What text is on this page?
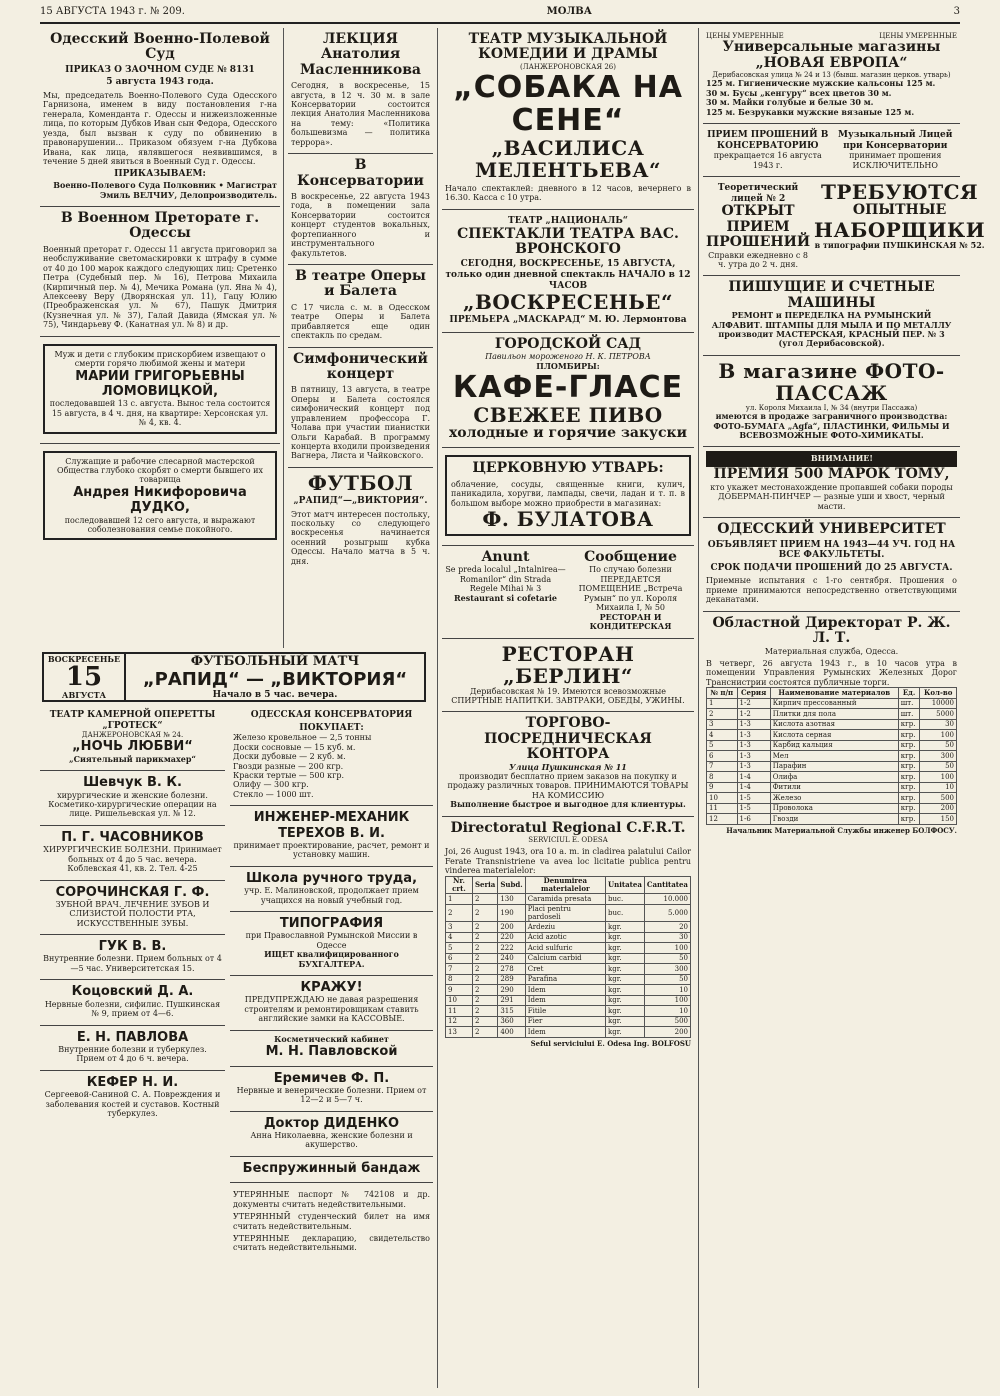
15 АВГУСТА 1943 г. № 209.	МОЛВА	3
Одесский Военно-Полевой Суд
ПРИКАЗ О ЗАОЧНОМ СУДЕ № 8131
5 августа 1943 года.
Мы, председатель Военно-Полевого Суда Одесского Гарнизона, именем в виду постановления г-на генерала, Коменданта г. Одессы и нижеизложенные лица, по которым Дубков Иван сын Федора, Одесского уезда, был вызван к суду по обвинению в правонарушении... Приказом обязуем г-на Дубкова Ивана, как лица, являвшегося неявившимся, в течение 5 дней явиться в Военный Суд г. Одессы.
ПРИКАЗЫВАЕМ:
Военно-Полевого Суда Полковник • Магистрат Эмиль ВЕЛЧИУ, Делопроизводитель.
В Военном Преторате г. Одессы
Военный преторат г. Одессы 11 августа приговорил за необслуживание светомаскировки к штрафу в сумме от 40 до 100 марок каждого следующих лиц: Сретенко Петра (Судебный пер. № 16), Петрова Михаила (Кирпичный пер. № 4), Мечика Романа (ул. Яна № 4), Алексееву Веру (Дворянская ул. 11), Гацу Юлию (Преображенская ул. № 67), Пашук Дмитрия (Кузнечная ул. № 37), Галай Давида (Ямская ул. № 75), Чиндарьеву Ф. (Канатная ул. № 8) и др.
Муж и дети с глубоким прискорбием извещают о смерти горячо любимой жены и матери
МАРИИ ГРИГОРЬЕВНЫ ЛОМОВИЦКОЙ,
последовавшей 13 с. августа. Вынос тела состоится 15 августа, в 4 ч. дня, на квартире: Херсонская ул. № 4, кв. 4.
Служащие и рабочие слесарной мастерской Общества глубоко скорбят о смерти бывшего их товарища
Андрея Никифоровича ДУДКО,
последовавшей 12 сего августа, и выражают соболезнования семье покойного.
ЛЕКЦИЯ Анатолия Масленникова
Сегодня, в воскресенье, 15 августа, в 12 ч. 30 м. в зале Консерватории состоится лекция Анатолия Масленникова на тему: «Политика большевизма — политика террора».
В Консерватории
В воскресенье, 22 августа 1943 года, в помещении зала Консерватории состоится концерт студентов вокальных, фортепианного и инструментального факультетов.
В театре Оперы и Балета
С 17 числа с. м. в Одесском театре Оперы и Балета прибавляется еще один спектакль по средам.
Симфонический концерт
В пятницу, 13 августа, в театре Оперы и Балета состоялся симфонический концерт под управлением профессора Г. Чолава при участии пианистки Ольги Карабай. В программу концерта входили произведения Вагнера, Листа и Чайковского.
ФУТБОЛ
„РАПИД“—„ВИКТОРИЯ“.
Этот матч интересен постольку, поскольку со следующего воскресенья начинается осенний розыгрыш кубка Одессы. Начало матча в 5 ч. дня.
ВОСКРЕСЕНЬЕ
15
АВГУСТА
ФУТБОЛЬНЫЙ МАТЧ
„РАПИД“ — „ВИКТОРИЯ“
Начало в 5 час. вечера.
ТЕАТР КАМЕРНОЙ ОПЕРЕТТЫ „ГРОТЕСК“
ДАНЖЕРОНОВСКАЯ № 24.
„НОЧЬ ЛЮБВИ“
„Сиятельный парикмахер“
Шевчук В. К.
хирургические и женские болезни. Косметико-хирургические операции на лице. Ришельевская ул. № 12.
П. Г. ЧАСОВНИКОВ
ХИРУРГИЧЕСКИЕ БОЛЕЗНИ. Принимает больных от 4 до 5 час. вечера. Коблевская 41, кв. 2. Тел. 4-25
СОРОЧИНСКАЯ Г. Ф.
ЗУБНОЙ ВРАЧ. ЛЕЧЕНИЕ ЗУБОВ И СЛИЗИСТОЙ ПОЛОСТИ РТА, ИСКУССТВЕННЫЕ ЗУБЫ.
ГУК В. В.
Внутренние болезни. Прием больных от 4—5 час. Университетская 15.
Коцовский Д. А.
Нервные болезни, сифилис. Пушкинская № 9, прием от 4—6.
Е. Н. ПАВЛОВА
Внутренние болезни и туберкулез. Прием от 4 до 6 ч. вечера.
КЕФЕР Н. И.
Сергеевой-Саниной С. А. Повреждения и заболевания костей и суставов. Костный туберкулез.
ОДЕССКАЯ КОНСЕРВАТОРИЯ
ПОКУПАЕТ:
Железо кровельное — 2,5 тонны
Доски сосновые — 15 куб. м.
Доски дубовые — 2 куб. м.
Гвозди разные — 200 кгр.
Краски тертые — 500 кгр.
Олифу — 300 кгр.
Стекло — 1000 шт.
ИНЖЕНЕР-МЕХАНИК ТЕРЕХОВ В. И.
принимает проектирование, расчет, ремонт и установку машин.
Школа ручного труда,
учр. Е. Малиновской, продолжает прием учащихся на новый учебный год.
ТИПОГРАФИЯ
при Православной Румынской Миссии в Одессе
ИЩЕТ квалифицированного БУХГАЛТЕРА.
КРАЖУ!
ПРЕДУПРЕЖДАЮ не давая разрешения строителям и ремонтировщикам ставить английские замки на КАССОВЫЕ.
Косметический кабинет
М. Н. Павловской
Еремичев Ф. П.
Нервные и венерические болезни. Прием от 12—2 и 5—7 ч.
Доктор ДИДЕНКО
Анна Николаевна, женские болезни и акушерство.
Беспружинный бандаж
УТЕРЯННЫЕ паспорт № 742108 и др. документы считать недействительными.
УТЕРЯННЫЙ студенческий билет на имя считать недействительным.
УТЕРЯННЫЕ декларацию, свидетельство считать недействительными.
ТЕАТР МУЗЫКАЛЬНОЙ КОМЕДИИ И ДРАМЫ
(ЛАНЖЕРОНОВСКАЯ 26)
„СОБАКА НА СЕНЕ“
„ВАСИЛИСА МЕЛЕНТЬЕВА“
Начало спектаклей: дневного в 12 часов, вечернего в 16.30. Касса с 10 утра.
ТЕАТР „НАЦИОНАЛЬ“
СПЕКТАКЛИ ТЕАТРА ВАС. ВРОНСКОГО
СЕГОДНЯ, ВОСКРЕСЕНЬЕ, 15 АВГУСТА, только один дневной спектакль НАЧАЛО в 12 ЧАСОВ
„ВОСКРЕСЕНЬЕ“
ПРЕМЬЕРА „МАСКАРАД“ М. Ю. Лермонтова
ГОРОДСКОЙ САД
Павильон мороженого Н. К. ПЕТРОВА
ПЛОМБИРЫ:
КАФЕ-ГЛАСЕ
СВЕЖЕЕ ПИВО
холодные и горячие закуски
ЦЕРКОВНУЮ УТВАРЬ:
облачение, сосуды, священные книги, кулич, паникадила, хоругви, лампады, свечи, ладан и т. п. в большом выборе можно приобрести в магазинах:
Ф. БУЛАТОВА
Anunt
Se preda localul „Intalnirea—Romanilor“ din Strada Regele Mihai № 3
Restaurant si cofetarie
Сообщение
По случаю болезни ПЕРЕДАЕТСЯ ПОМЕЩЕНИЕ „Встреча Румын“ по ул. Короля Михаила I, № 50
РЕСТОРАН И КОНДИТЕРСКАЯ
РЕСТОРАН „БЕРЛИН“
Дерибасовская № 19. Имеются всевозможные СПИРТНЫЕ НАПИТКИ. ЗАВТРАКИ, ОБЕДЫ, УЖИНЫ.
ТОРГОВО-ПОСРЕДНИЧЕСКАЯ КОНТОРА
Улица Пушкинская № 11
производит бесплатно прием заказов на покупку и продажу различных товаров. ПРИНИМАЮТСЯ ТОВАРЫ НА КОМИССИЮ
Выполнение быстрое и выгодное для клиентуры.
Directoratul Regional C.F.R.T.
SERVICIUL E. ODESA
Joi, 26 August 1943, ora 10 a. m. in cladirea palatului Cailor Ferate Transnistriene va avea loc licitatie publica pentru vinderea materialelor:
Nr. crt.	Seria	Subd.	Denumirea materialelor	Unitatea	Cantitatea
1	2	130	Caramida presata	buc.	10.000
2	2	190	Placi pentru pardoseli	buc.	5.000
3	2	200	Ardeziu	kgr.	20
4	2	220	Acid azotic	kgr.	30
5	2	222	Acid sulfuric	kgr.	100
6	2	240	Calcium carbid	kgr.	50
7	2	278	Cret	kgr.	300
8	2	289	Parafina	kgr.	50
9	2	290	Idem	kgr.	10
10	2	291	Idem	kgr.	100
11	2	315	Fitile	kgr.	10
12	2	360	Fier	kgr.	500
13	2	400	Idem	kgr.	200
Seful serviciului E. Odesa Ing. BOLFOSU
ЦЕНЫ УМЕРЕННЫЕ	ЦЕНЫ УМЕРЕННЫЕ
Универсальные магазины „НОВАЯ ЕВРОПА“
Дерибасовская улица № 24 и 13 (бывш. магазин церков. утварь)
125 м. Гигиенические мужские кальсоны 125 м.
30 м. Бусы „кенгуру“ всех цветов 30 м.
30 м. Майки голубые и белые 30 м.
125 м. Безрукавки мужские вязаные 125 м.
ПРИЕМ ПРОШЕНИЙ В КОНСЕРВАТОРИЮ
прекращается 16 августа 1943 г.
Музыкальный Лицей при Консерватории
принимает прошения ИСКЛЮЧИТЕЛЬНО
Теоретический лицей № 2
ОТКРЫТ ПРИЕМ ПРОШЕНИЙ
Справки ежедневно с 8 ч. утра до 2 ч. дня.
ТРЕБУЮТСЯ
ОПЫТНЫЕ
НАБОРЩИКИ
в типографии ПУШКИНСКАЯ № 52.
ПИШУЩИЕ И СЧЕТНЫЕ МАШИНЫ
РЕМОНТ и ПЕРЕДЕЛКА НА РУМЫНСКИЙ АЛФАВИТ. ШТАМПЫ ДЛЯ МЫЛА И ПО МЕТАЛЛУ производит МАСТЕРСКАЯ, КРАСНЫЙ ПЕР. № 3 (угол Дерибасовской).
В магазине ФОТО-ПАССАЖ
ул. Короля Михаила I, № 34 (внутри Пассажа)
имеются в продаже заграничного производства: ФОТО-БУМАГА „Agfa“, ПЛАСТИНКИ, ФИЛЬМЫ И ВСЕВОЗМОЖНЫЕ ФОТО-ХИМИКАТЫ.
ВНИМАНИЕ!
ПРЕМИЯ 500 МАРОК ТОМУ,
кто укажет местонахождение пропавшей собаки породы ДОБЕРМАН-ПИНЧЕР — разные уши и хвост, черный масти.
ОДЕССКИЙ УНИВЕРСИТЕТ
ОБЪЯВЛЯЕТ ПРИЕМ НА 1943—44 УЧ. ГОД НА ВСЕ ФАКУЛЬТЕТЫ.
СРОК ПОДАЧИ ПРОШЕНИЙ ДО 25 АВГУСТА.
Приемные испытания с 1-го сентября. Прошения о приеме принимаются непосредственно ответствующими деканатами.
Областной Директорат Р. Ж. Л. Т.
Материальная служба, Одесса.
В четверг, 26 августа 1943 г., в 10 часов утра в помещении Управления Румынских Железных Дорог Транснистрии состоятся публичные торги.
№ п/п	Серия	Наименование материалов	Ед.	Кол-во
1	1-2	Кирпич прессованный	шт.	10000
2	1-2	Плитки для пола	шт.	5000
3	1-3	Кислота азотная	кгр.	30
4	1-3	Кислота серная	кгр.	100
5	1-3	Карбид кальция	кгр.	50
6	1-3	Мел	кгр.	300
7	1-3	Парафин	кгр.	50
8	1-4	Олифа	кгр.	100
9	1-4	Фитили	кгр.	10
10	1-5	Железо	кгр.	500
11	1-5	Проволока	кгр.	200
12	1-6	Гвозди	кгр.	150
Начальник Материальной Службы инженер БОЛФОСУ.
